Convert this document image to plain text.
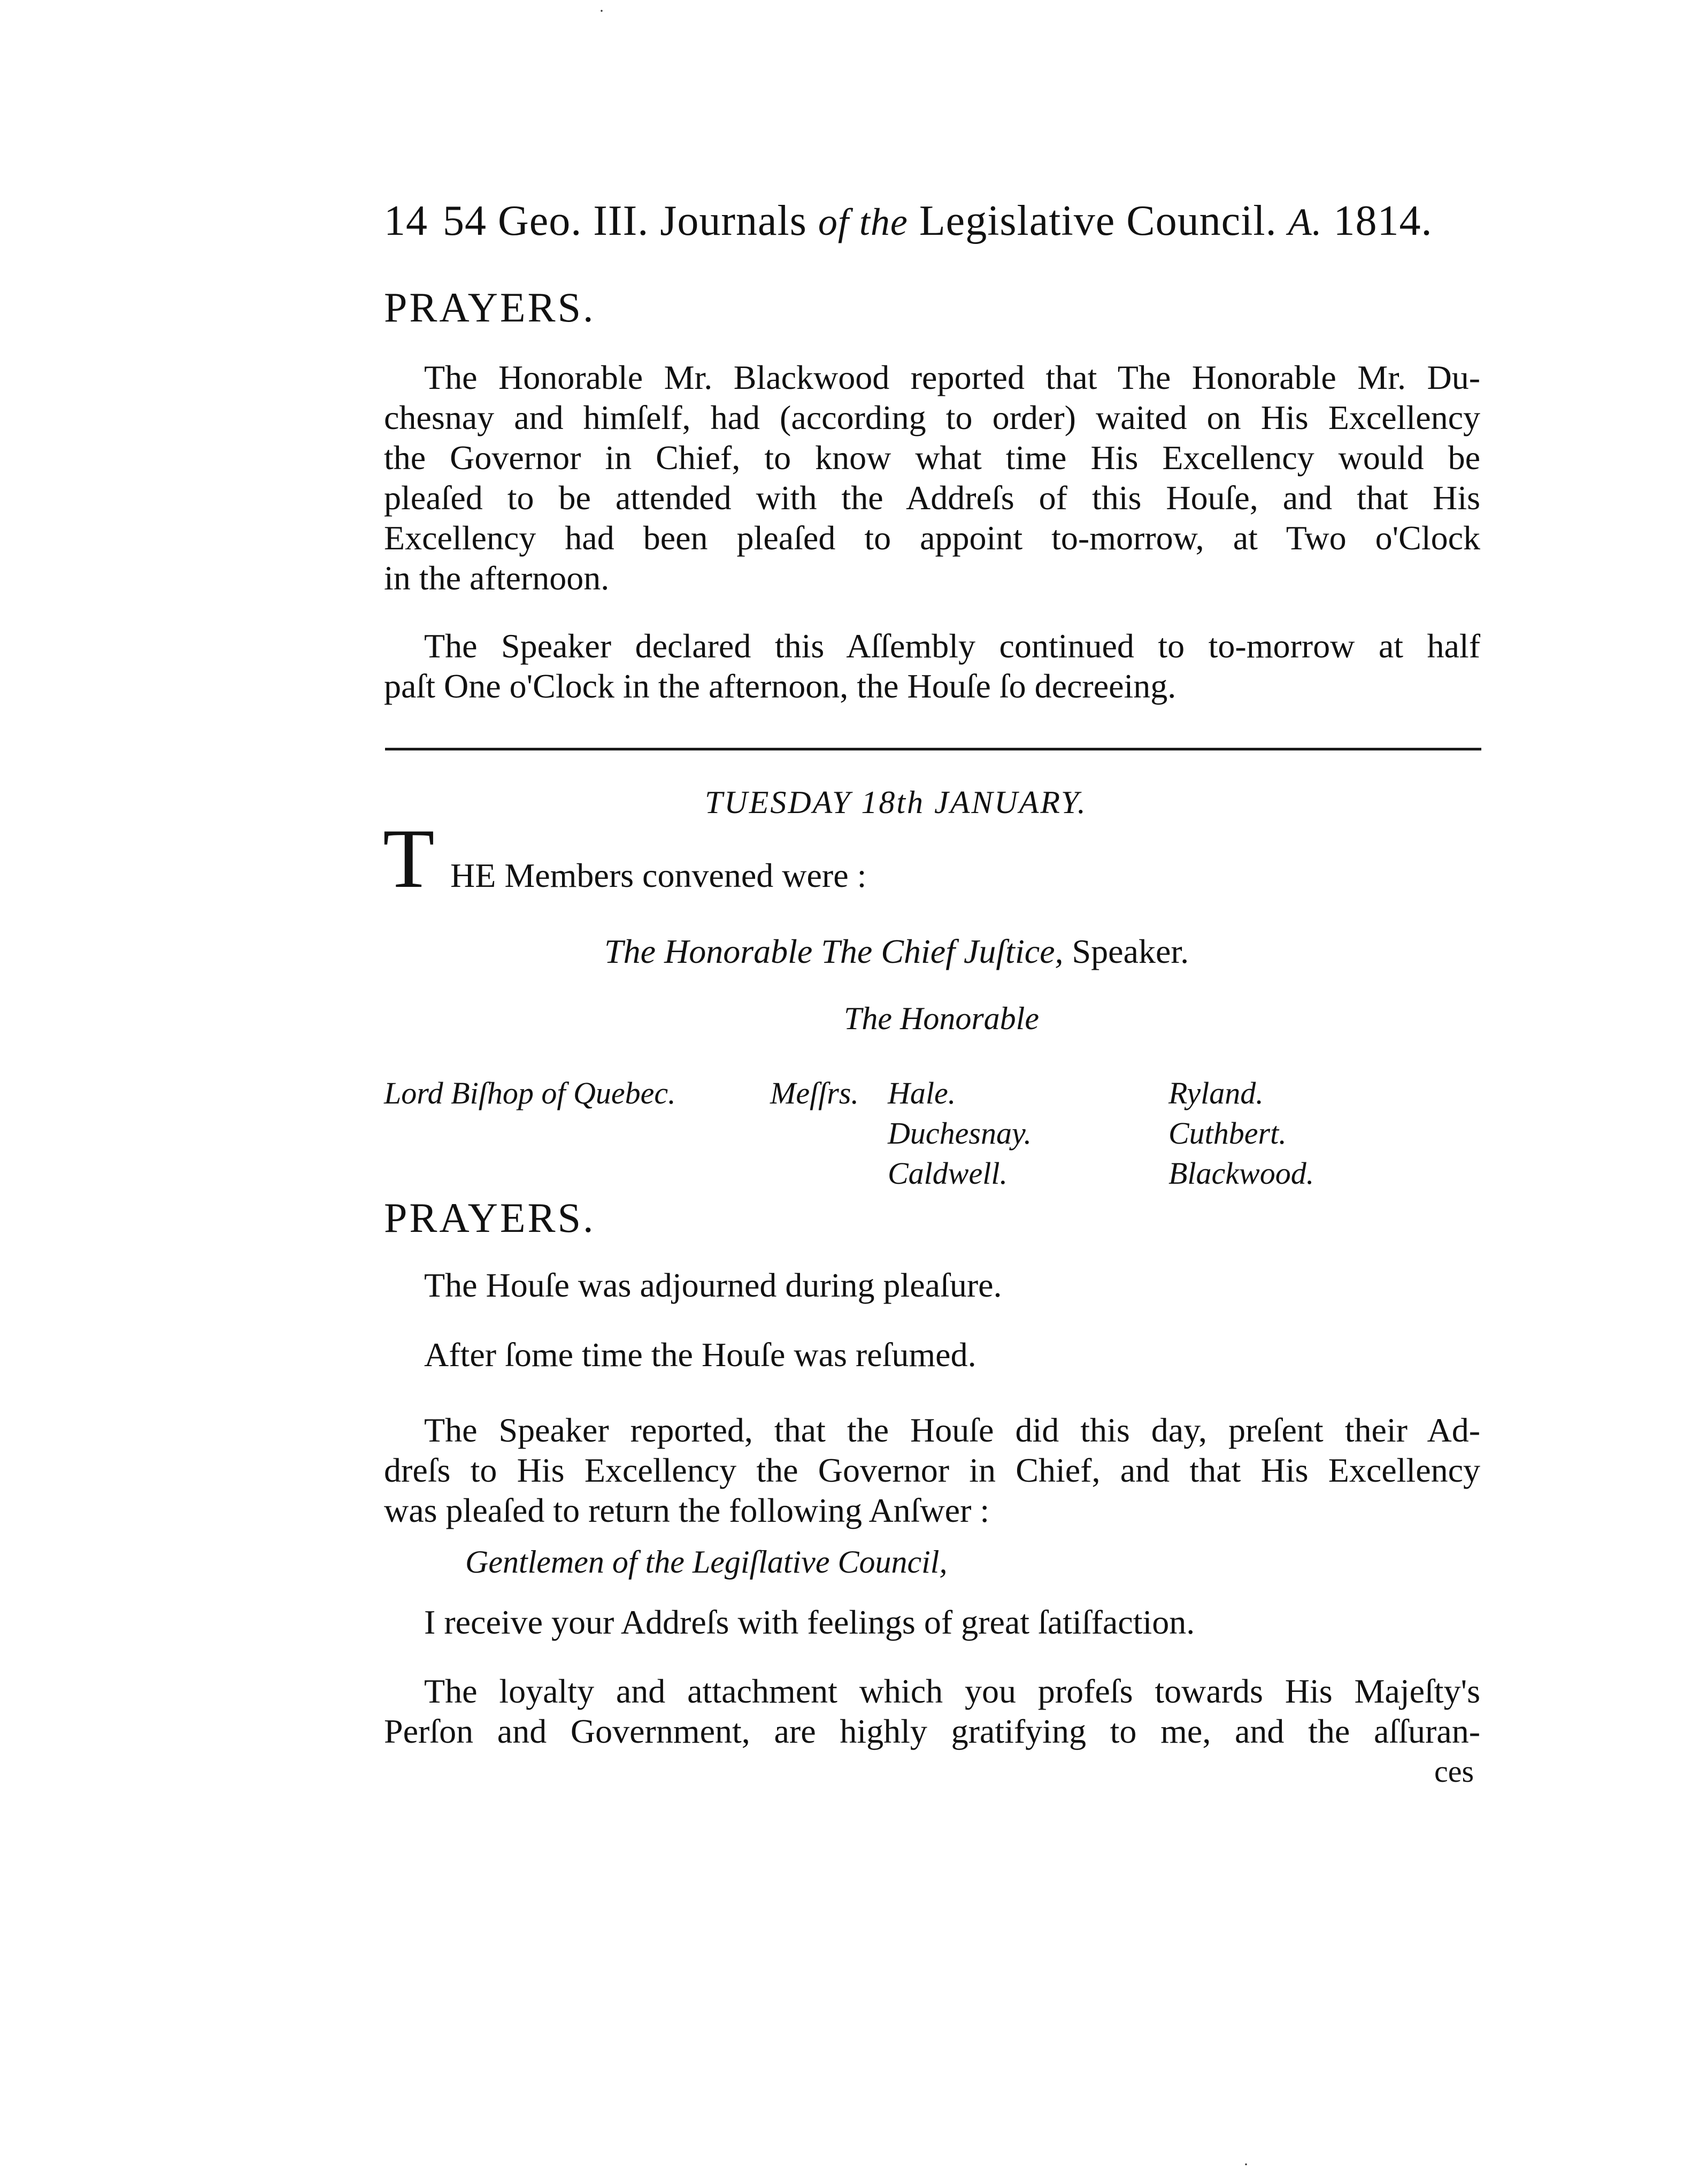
14 54 Geo. III. Journals of the Legislative Council. A. 1814.
PRAYERS.
The Honorable Mr. Blackwood reported that The Honorable Mr. Du-
chesnay and himſelf, had (according to order) waited on His Excellency
the Governor in Chief, to know what time His Excellency would be
pleaſed to be attended with the Addreſs of this Houſe, and that His
Excellency had been pleaſed to appoint to-morrow, at Two o'Clock
in the afternoon.
The Speaker declared this Aſſembly continued to to-morrow at half
paſt One o'Clock in the afternoon, the Houſe ſo decreeing.
TUESDAY 18th JANUARY.
T HE Members convened were :
The Honorable The Chief Juſtice, Speaker.
The Honorable
Lord Biſhop of Quebec.	Meſſrs. Hale.
Duchesnay.
Caldwell.
Ryland.
Cuthbert.
Blackwood.
PRAYERS.
The Houſe was adjourned during pleaſure.
After ſome time the Houſe was reſumed.
The Speaker reported, that the Houſe did this day, preſent their Ad-
dreſs to His Excellency the Governor in Chief, and that His Excellency
was pleaſed to return the following Anſwer :
Gentlemen of the Legiſlative Council,
I receive your Addreſs with feelings of great ſatiſfaction.
The loyalty and attachment which you profeſs towards His Majeſty's
Perſon and Government, are highly gratifying to me, and the aſſuran-
ces
·
·
